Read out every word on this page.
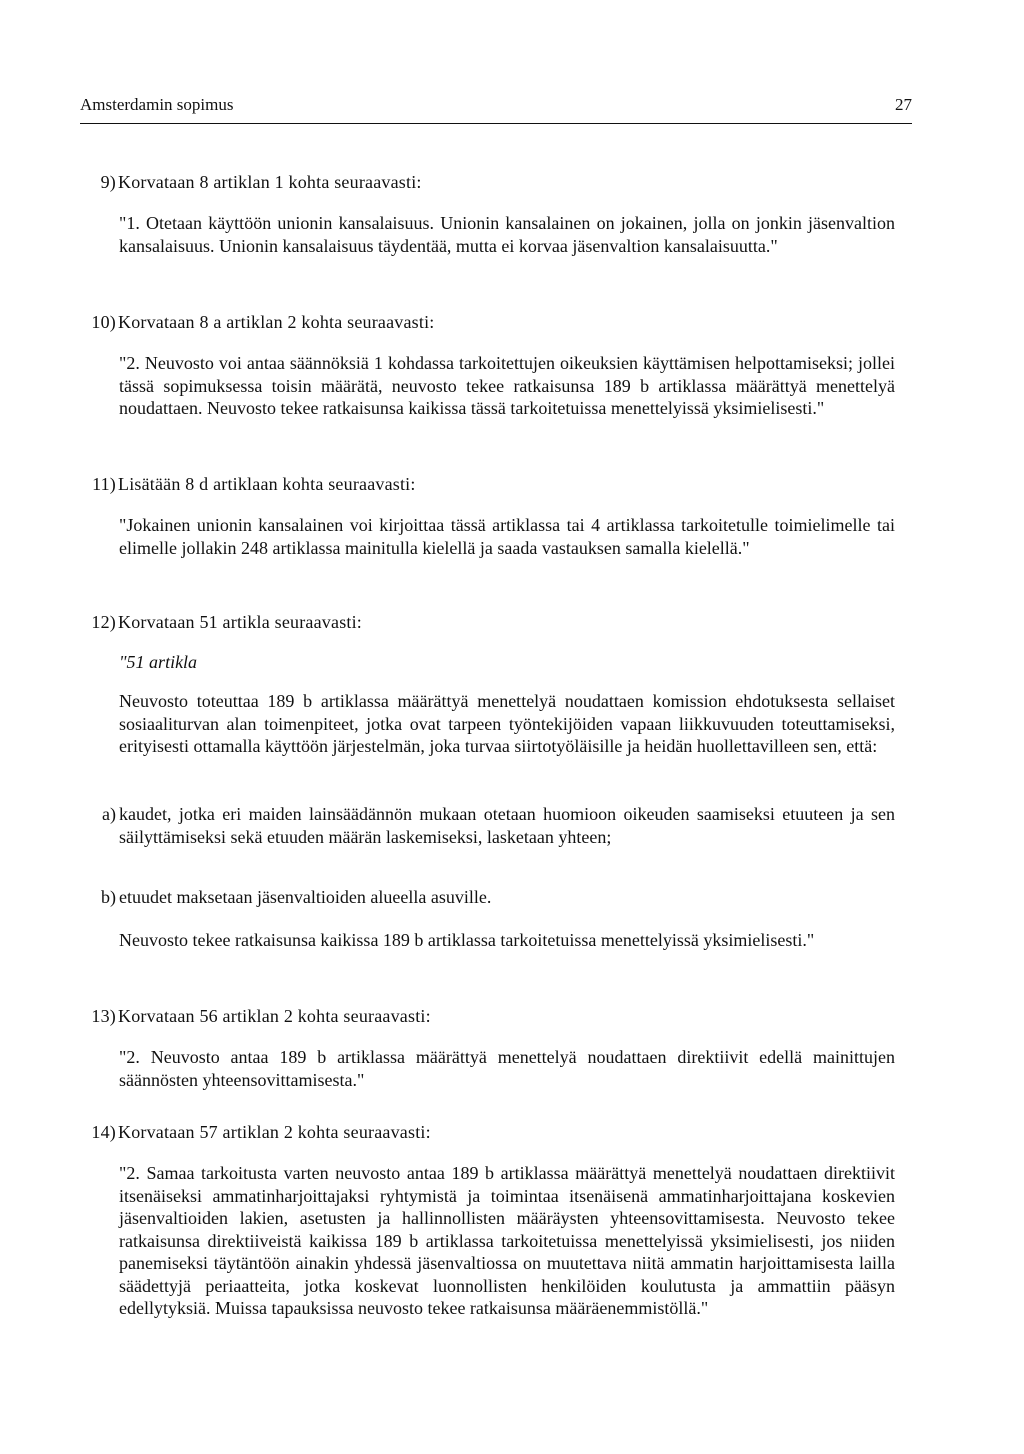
Amsterdamin sopimus	27
9) Korvataan 8 artiklan 1 kohta seuraavasti:

"1. Otetaan käyttöön unionin kansalaisuus. Unionin kansalainen on jokainen, jolla on jonkin jäsenvaltion kansalaisuus. Unionin kansalaisuus täydentää, mutta ei korvaa jäsenvaltion kansalaisuutta."

10) Korvataan 8 a artiklan 2 kohta seuraavasti:

"2. Neuvosto voi antaa säännöksiä 1 kohdassa tarkoitettujen oikeuksien käyttämisen helpottamiseksi; jollei tässä sopimuksessa toisin määrätä, neuvosto tekee ratkaisunsa 189 b artiklassa määrättyä menettelyä noudattaen. Neuvosto tekee ratkaisunsa kaikissa tässä tarkoitetuissa menettelyissä yksimielisesti."

11) Lisätään 8 d artiklaan kohta seuraavasti:

"Jokainen unionin kansalainen voi kirjoittaa tässä artiklassa tai 4 artiklassa tarkoitetulle toimielimelle tai elimelle jollakin 248 artiklassa mainitulla kielellä ja saada vastauksen samalla kielellä."

12) Korvataan 51 artikla seuraavasti:
"51 artikla

Neuvosto toteuttaa 189 b artiklassa määrättyä menettelyä noudattaen komission ehdotuksesta sellaiset sosiaaliturvan alan toimenpiteet, jotka ovat tarpeen työntekijöiden vapaan liikkuvuuden toteuttamiseksi, erityisesti ottamalla käyttöön järjestelmän, joka turvaa siirtotyöläisille ja heidän huollettavilleen sen, että:

a) kaudet, jotka eri maiden lainsäädännön mukaan otetaan huomioon oikeuden saamiseksi etuuteen ja sen säilyttämiseksi sekä etuuden määrän laskemiseksi, lasketaan yhteen;
b) etuudet maksetaan jäsenvaltioiden alueella asuville.

Neuvosto tekee ratkaisunsa kaikissa 189 b artiklassa tarkoitetuissa menettelyissä yksimielisesti."

13) Korvataan 56 artiklan 2 kohta seuraavasti:

"2. Neuvosto antaa 189 b artiklassa määrättyä menettelyä noudattaen direktiivit edellä mainittujen säännösten yhteensovittamisesta."

14) Korvataan 57 artiklan 2 kohta seuraavasti:

"2. Samaa tarkoitusta varten neuvosto antaa 189 b artiklassa määrättyä menettelyä noudattaen direktiivit itsenäiseksi ammatinharjoittajaksi ryhtymistä ja toimintaa itsenäisenä ammatinharjoittajana koskevien jäsenvaltioiden lakien, asetusten ja hallinnollisten määräysten yhteensovittamisesta. Neuvosto tekee ratkaisunsa direktiiveistä kaikissa 189 b artiklassa tarkoitetuissa menettelyissä yksimielisesti, jos niiden panemiseksi täytäntöön ainakin yhdessä jäsenvaltiossa on muutettava niitä ammatin harjoittamisesta lailla säädettyjä periaatteita, jotka koskevat luonnollisten henkilöiden koulutusta ja ammattiin pääsyn edellytyksiä. Muissa tapauksissa neuvosto tekee ratkaisunsa määräenemmistöllä."
